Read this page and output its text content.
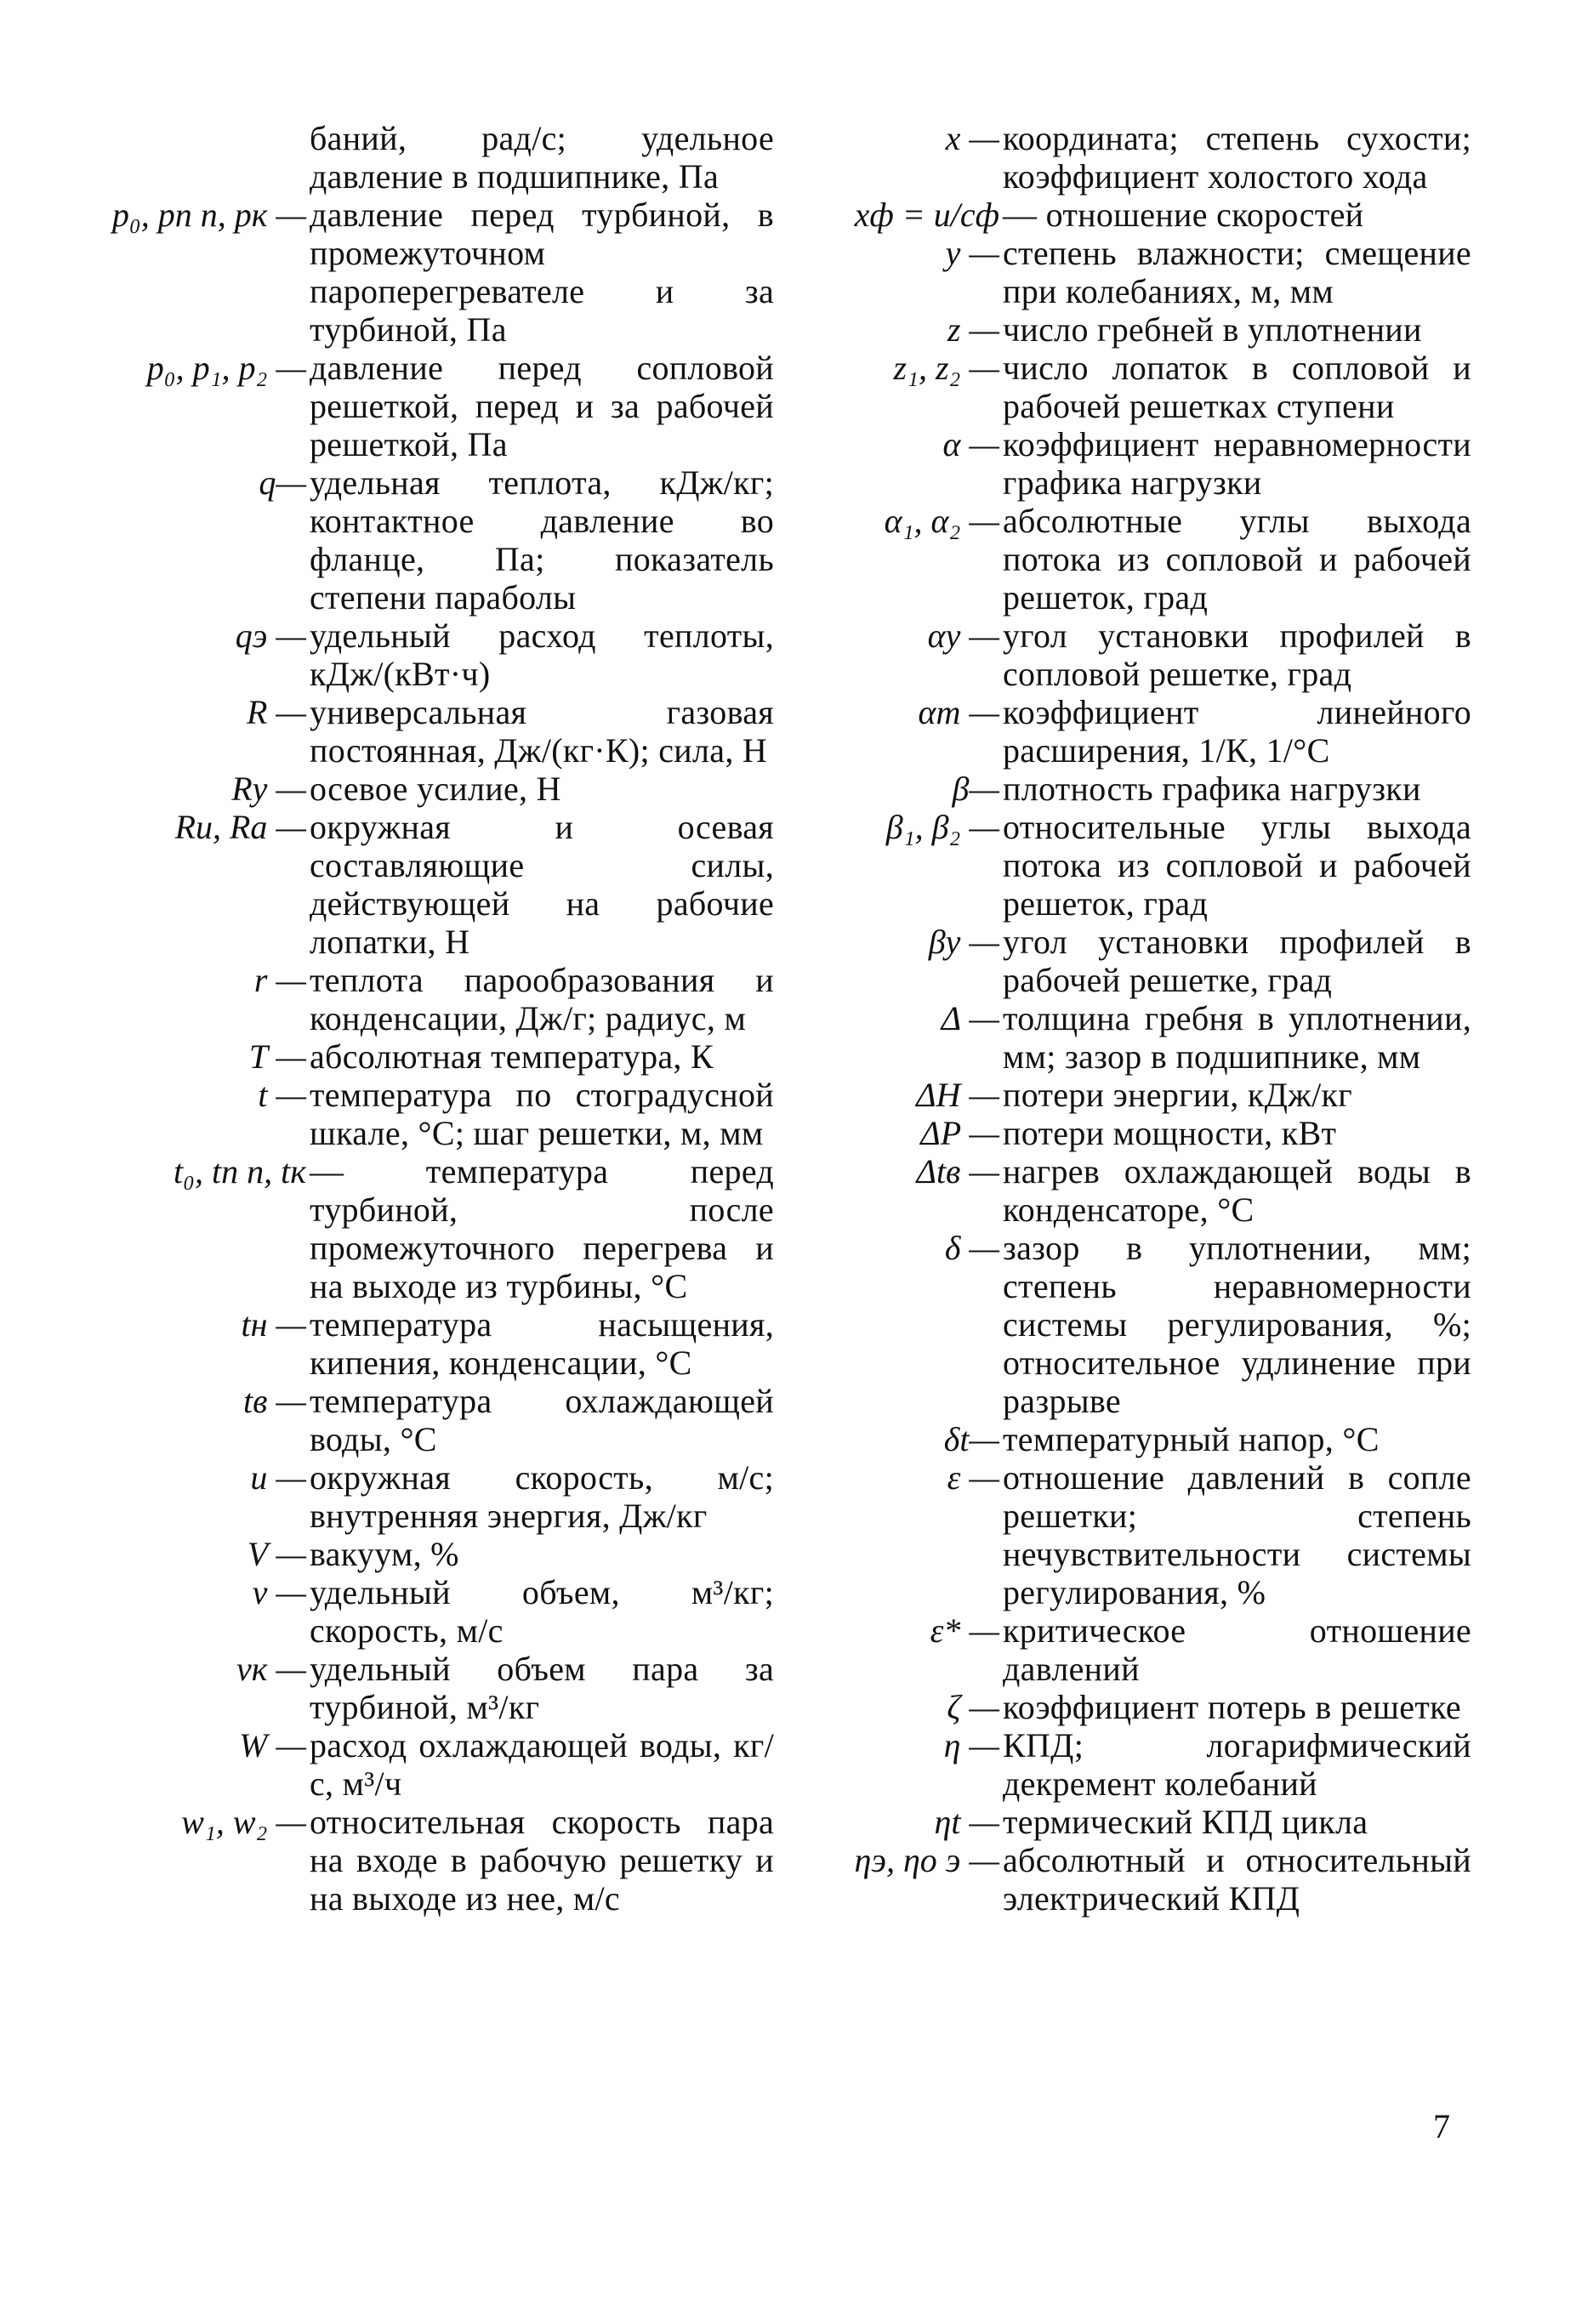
баний, рад/с; удельное давление в подшипнике, Па
p₀, pп п, pк — давление перед турбиной, в промежуточном пароперегревателе и за турбиной, Па
p₀, p₁, p₂ — давление перед сопловой решеткой, перед и за рабочей решеткой, Па
q— удельная теплота, кДж/кг; контактное давление во фланце, Па; показатель степени параболы
qэ — удельный расход теплоты, кДж/(кВт·ч)
R — универсальная газовая постоянная, Дж/(кг·К); сила, Н
Rу — осевое усилие, Н
Ru, Ra — окружная и осевая составляющие силы, действующей на рабочие лопатки, Н
r — теплота парообразования и конденсации, Дж/г; радиус, м
T — абсолютная температура, К
t — температура по стоградусной шкале, °С; шаг решетки, м, мм
t₀, tп п, tк — температура перед турбиной, после промежуточного перегрева и на выходе из турбины, °С
tн — температура насыщения, кипения, конденсации, °С
tв — температура охлаждающей воды, °С
u — окружная скорость, м/с; внутренняя энергия, Дж/кг
V — вакуум, %
v — удельный объем, м³/кг; скорость, м/с
vк — удельный объем пара за турбиной, м³/кг
W — расход охлаждающей воды, кг/с, м³/ч
w₁, w₂ — относительная скорость пара на входе в рабочую решетку и на выходе из нее, м/с
x — координата; степень сухости; коэффициент холостого хода
xф = u/cф — отношение скоростей
y — степень влажности; смещение при колебаниях, м, мм
z — число гребней в уплотнении
z₁, z₂ — число лопаток в сопловой и рабочей решетках ступени
α — коэффициент неравномерности графика нагрузки
α₁, α₂ — абсолютные углы выхода потока из сопловой и рабочей решеток, град
αу — угол установки профилей в сопловой решетке, град
αт — коэффициент линейного расширения, 1/К, 1/°С
β— плотность графика нагрузки
β₁, β₂ — относительные углы выхода потока из сопловой и рабочей решеток, град
βу — угол установки профилей в рабочей решетке, град
Δ — толщина гребня в уплотнении, мм; зазор в подшипнике, мм
ΔH — потери энергии, кДж/кг
ΔP — потери мощности, кВт
Δtв — нагрев охлаждающей воды в конденсаторе, °С
δ — зазор в уплотнении, мм; степень неравномерности системы регулирования, %; относительное удлинение при разрыве
δt— температурный напор, °С
ε — отношение давлений в сопле решетки; степень нечувствительности системы регулирования, %
ε* — критическое отношение давлений
ζ — коэффициент потерь в решетке
η — КПД; логарифмический декремент колебаний
ηt — термический КПД цикла
ηэ, ηо э — абсолютный и относительный электрический КПД
7
